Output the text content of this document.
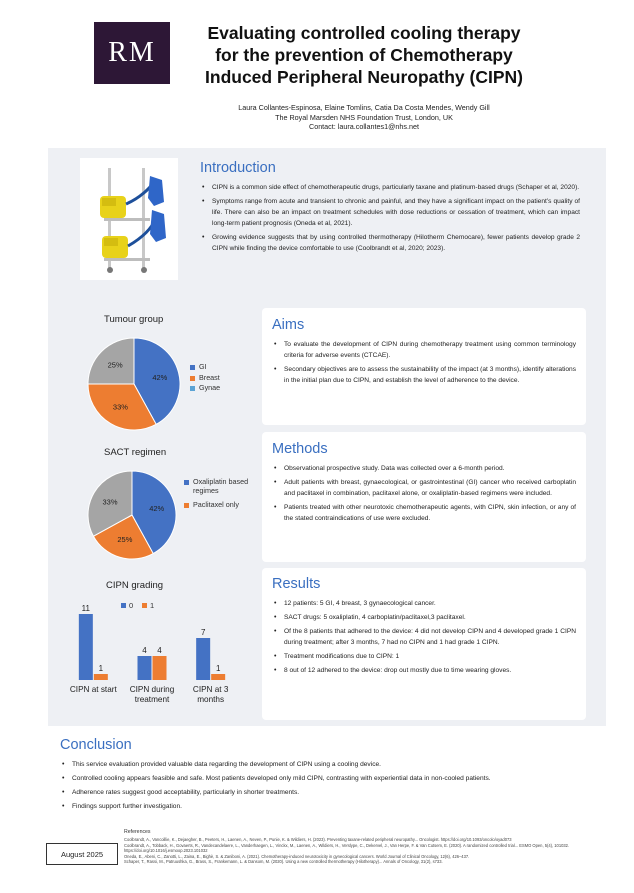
RM
Evaluating controlled cooling therapy
for the prevention of Chemotherapy
Induced Peripheral Neuropathy (CIPN)
Laura Collantes-Espinosa, Elaine Tomlins, Catia Da Costa Mendes, Wendy Gill
The Royal Marsden NHS Foundation Trust, London, UK
Contact: laura.collantes1@nhs.net
Introduction
• CIPN is a common side effect of chemotherapeutic drugs, particularly taxane and platinum-based drugs (Schaper et al, 2020).
• Symptoms range from acute and transient to chronic and painful, and they have a significant impact on the patient’s quality of life. There can also be an impact on treatment schedules with dose reductions or cessation of treatment, which can impact long-term patient prognosis (Oneda et al, 2021).
• Growing evidence suggests that by using controlled thermotherapy (Hilotherm Chemocare), fewer patients develop grade 2 CIPN while finding the device comfortable to use (Coolbrandt et al, 2020; 2023).
Tumour group
42%
33%
25%	GI
Breast
Gynae
SACT regimen
42%
25%
33%
Oxaliplatin based regimes
Paclitaxel only
CIPN grading
0 1
11
1
CIPN at start
4 4
CIPN during
treatment
7
1
CIPN at 3
months
Aims
• To evaluate the development of CIPN during chemotherapy treatment using common terminology criteria for adverse events (CTCAE).
• Secondary objectives are to assess the sustainability of the impact (at 3 months), identify alterations in the initial plan due to CIPN, and establish the level of adherence to the device.
Methods
• Observational prospective study. Data was collected over a 6-month period.
• Adult patients with breast, gynaecological, or gastrointestinal (GI) cancer who received carboplatin and paclitaxel in combination, paclitaxel alone, or oxaliplatin-based regimens were included.
• Patients treated with other neurotoxic chemotherapeutic agents, with CIPN, skin infection, or any of the stated contraindications of use were excluded.
Results
• 12 patients: 5 GI, 4 breast, 3 gynaecological cancer.
• SACT drugs: 5 oxaliplatin, 4 carboplatin/paclitaxel,3 paclitaxel.
• Of the 8 patients that adhered to the device: 4 did not develop CIPN and 4 developed grade 1 CIPN during treatment; after 3 months, 7 had no CIPN and 1 had grade 1 CIPN.
• Treatment modifications due to CIPN: 1
• 8 out of 12 adhered to the device: drop out mostly due to time wearing gloves.
Conclusion
• This service evaluation provided valuable data regarding the development of CIPN using a cooling device.
• Controlled cooling appears feasible and safe. Most patients developed only mild CIPN, contrasting with experiential data in non-cooled patients.
• Adherence rates suggest good acceptability, particularly in shorter treatments.
• Findings support further investigation.
August 2025
References
Coolbrandt, A., Vancoillie, K., Dejaegher, B., Peeters, H., Laenen, A., Neven, P., Punie, K. & Wildiers, H. (2023). Preventing taxane-related peripheral neuropathy... Oncologist. https://doi.org/10.1093/oncolo/oyad073
Coolbrandt, A., Tobback, H., Govaerts, R., Vandecandelaere, L., Vanderhaegen, L., Vinckx, M., Laenen, A., Wildiers, H., Verslype, C., Dekervel, J., Van Herpe, F. & Van Cutsem, E. (2020). A randomized controlled trial... ESMO Open, 5(4), 101032. https://doi.org/10.1016/j.esmoop.2023.101032
Oneda, E., Abeni, C., Zanotti, L., Zaina, E., Bighè, S. & Zaniboni, A. (2021). Chemotherapy-induced neurotoxicity in gynecological cancers. World Journal of Clinical Oncology, 12(6), 426–437.
Schaper, T., Rassi, M., Patruushka, G., Brass, S., Frankemann, L. & Dansom, M. (2020). Using a new controlled thermotherapy (Hilotherapy)... Annals of Oncology, 31(2), s733.
